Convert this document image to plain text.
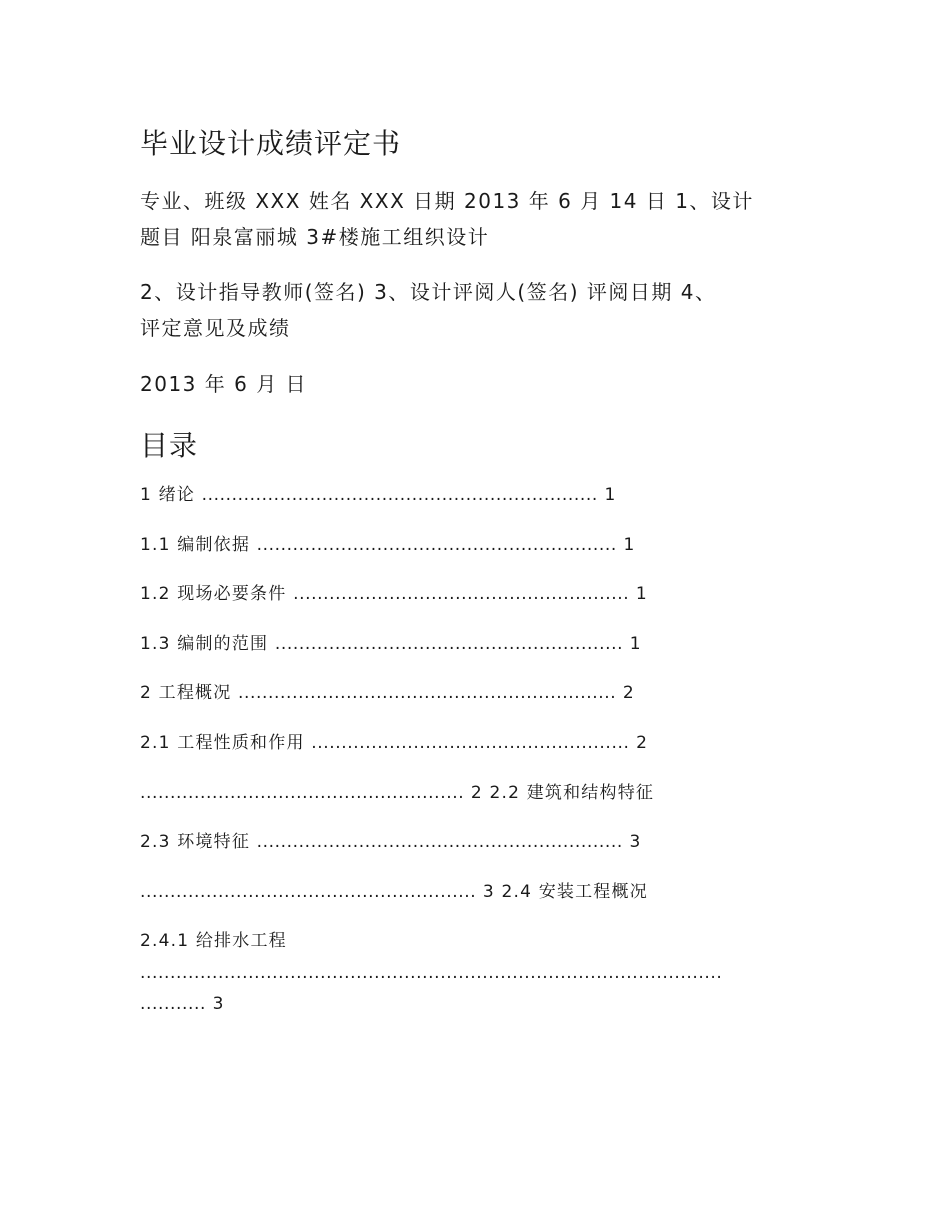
毕业设计成绩评定书
专业、班级 XXX 姓名 XXX 日期 2013 年 6 月 14 日 1、设计
题目 阳泉富丽城 3#楼施工组织设计
2、设计指导教师(签名) 3、设计评阅人(签名) 评阅日期 4、
评定意见及成绩
2013 年 6 月 日
目录
1 绪论 .................................................................. 1
1.1 编制依据 ............................................................ 1
1.2 现场必要条件 ........................................................ 1
1.3 编制的范围 .......................................................... 1
2 工程概况 ............................................................... 2
2.1 工程性质和作用 ..................................................... 2
...................................................... 2 2.2 建筑和结构特征
2.3 环境特征 ............................................................. 3
........................................................ 3 2.4 安装工程概况
2.4.1 给排水工程
.................................................................................................
........... 3
